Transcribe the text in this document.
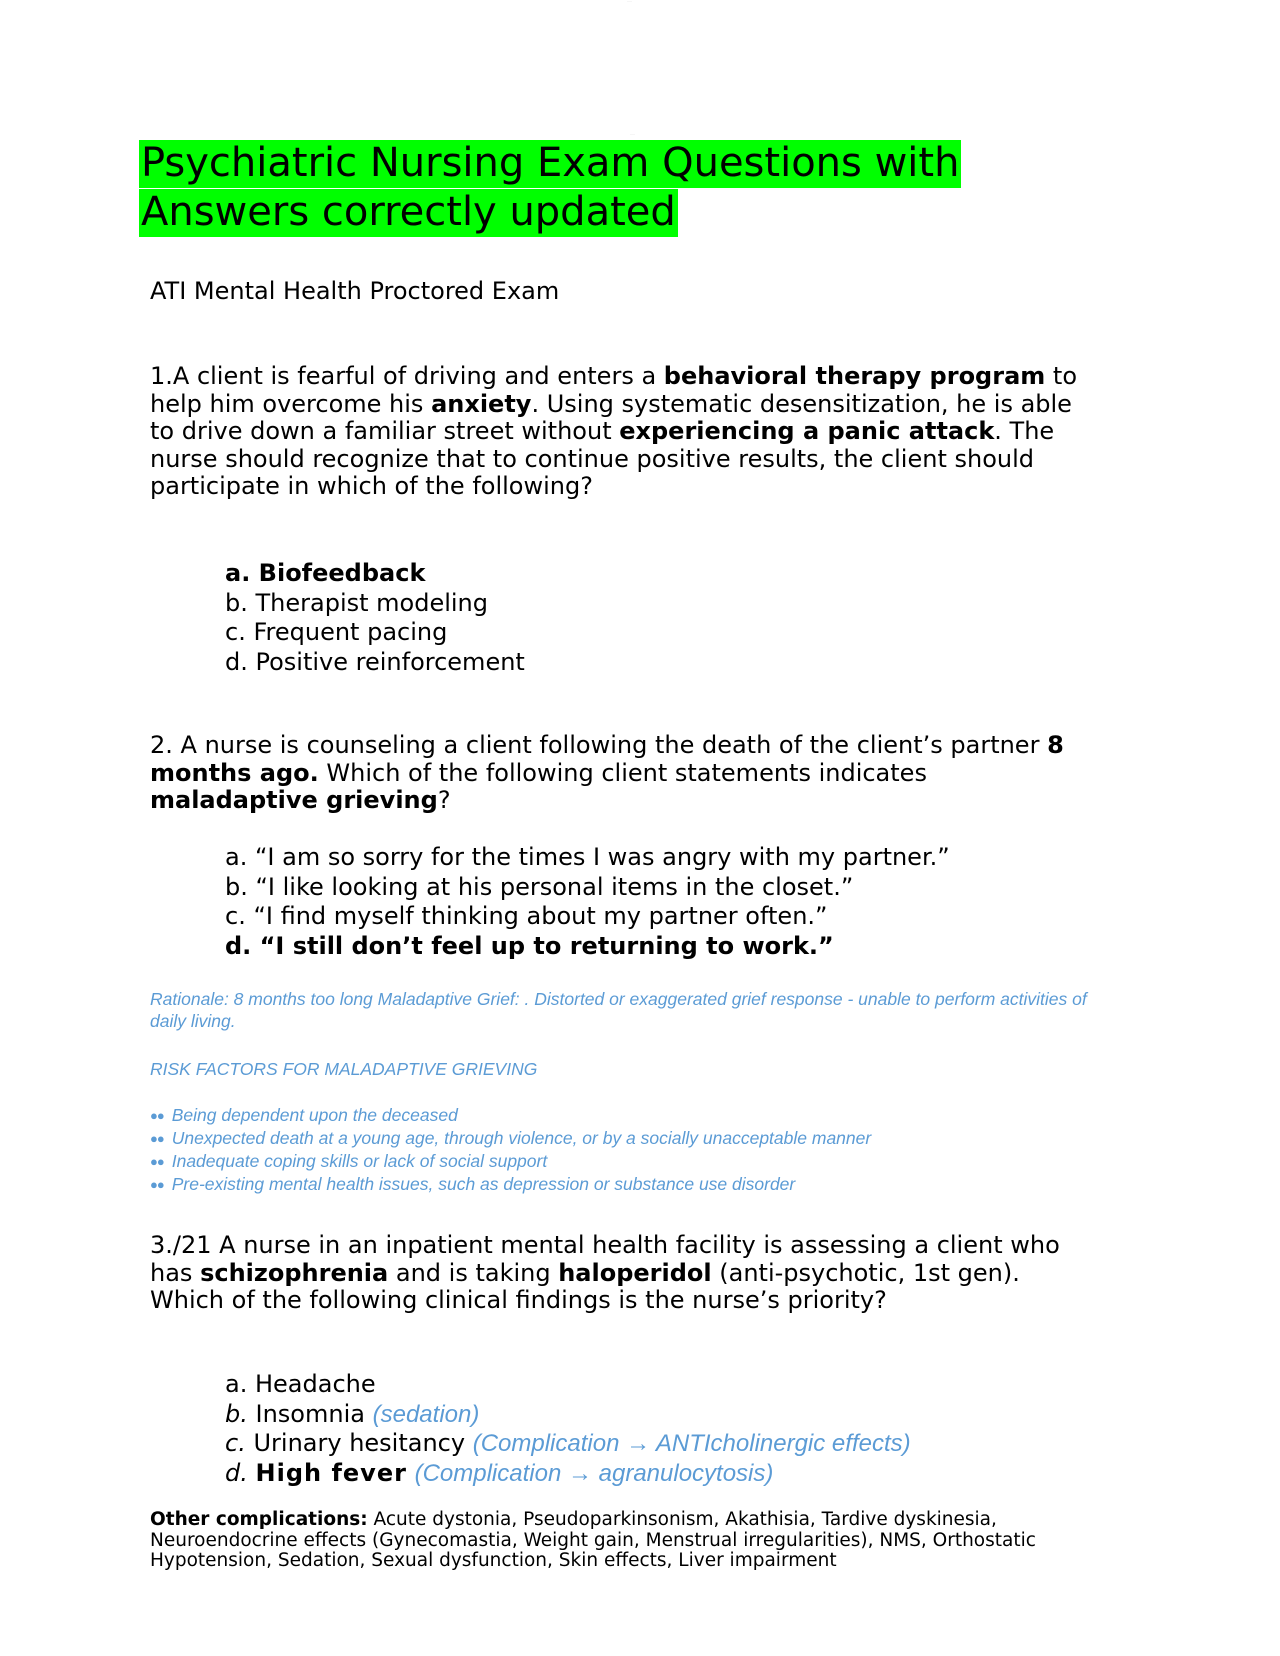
·····
·····
Psychiatric Nursing Exam Questions with
Answers correctly updated
ATI Mental Health Proctored Exam

1.A client is fearful of driving and enters a behavioral therapy program to help him overcome his anxiety. Using systematic desensitization, he is able to drive down a familiar street without experiencing a panic attack. The nurse should recognize that to continue positive results, the client should participate in which of the following?

a. Biofeedback
b. Therapist modeling
c. Frequent pacing
d. Positive reinforcement

2. A nurse is counseling a client following the death of the client’s partner 8 months ago. Which of the following client statements indicates maladaptive grieving?

a. “I am so sorry for the times I was angry with my partner.”
b. “I like looking at his personal items in the closet.”
c. “I find myself thinking about my partner often.”
d. “I still don’t feel up to returning to work.”

Rationale: 8 months too long Maladaptive Grief: . Distorted or exaggerated grief response - unable to perform activities of daily living.

RISK FACTORS FOR MALADAPTIVE GRIEVING

●● Being dependent upon the deceased
●● Unexpected death at a young age, through violence, or by a socially unacceptable manner
●● Inadequate coping skills or lack of social support
●● Pre-existing mental health issues, such as depression or substance use disorder

3./21 A nurse in an inpatient mental health facility is assessing a client who has schizophrenia and is taking haloperidol (anti-psychotic, 1st gen).
Which of the following clinical findings is the nurse’s priority?

a. Headache
b. Insomnia (sedation)
c. Urinary hesitancy (Complication → ANTIcholinergic effects)
d. High fever (Complication → agranulocytosis)

Other complications: Acute dystonia, Pseudoparkinsonism, Akathisia, Tardive dyskinesia, Neuroendocrine effects (Gynecomastia, Weight gain, Menstrual irregularities), NMS, Orthostatic Hypotension, Sedation, Sexual dysfunction, Skin effects, Liver impairment
